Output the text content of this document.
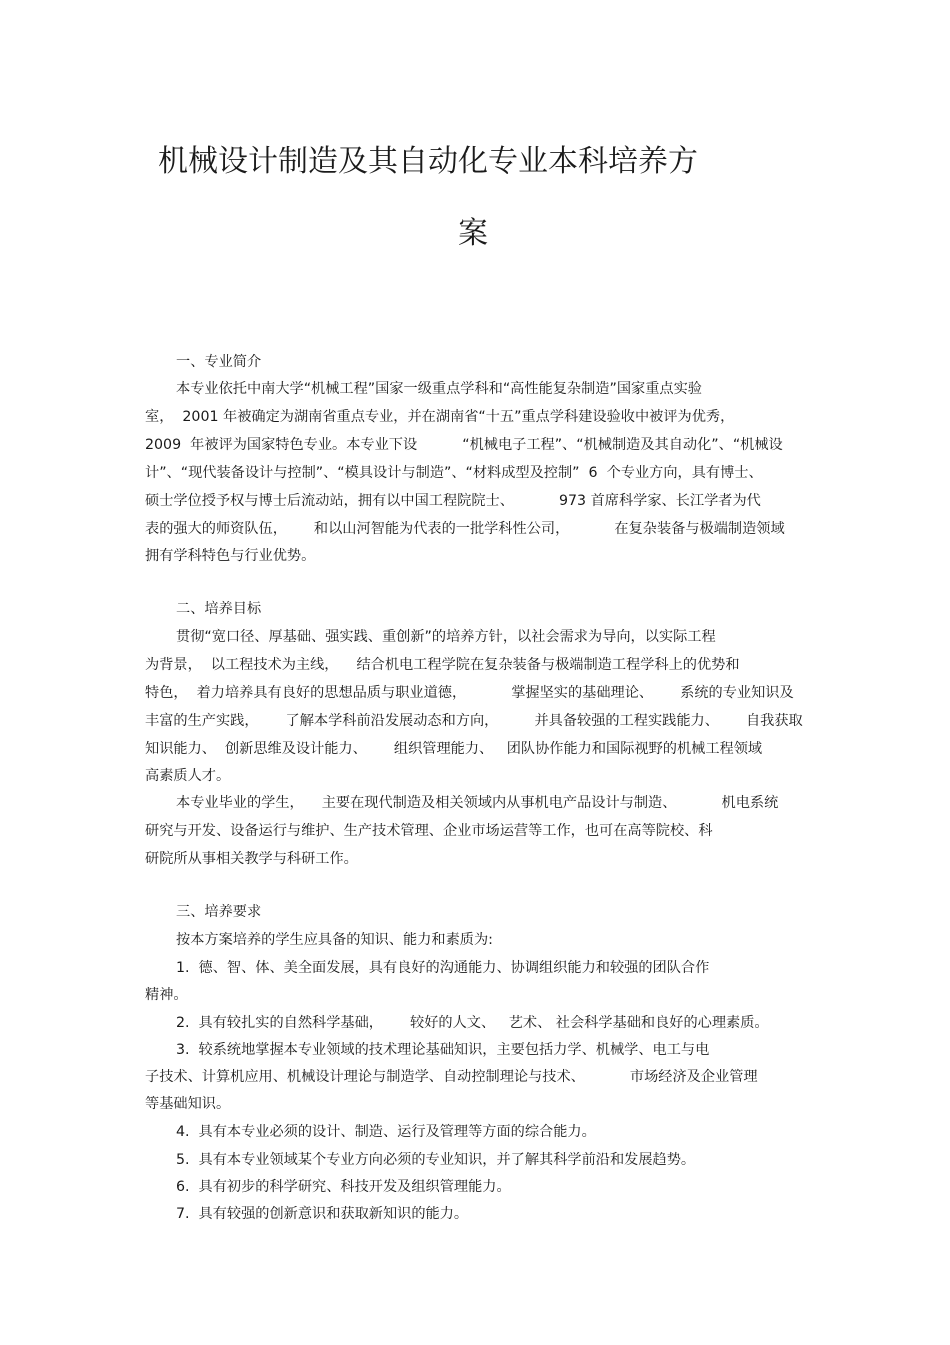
机械设计制造及其自动化专业本科培养方
案
一、专业简介
本专业依托中南大学“机械工程”国家一级重点学科和“高性能复杂制造”国家重点实验
室，  2001 年被确定为湖南省重点专业，并在湖南省“十五”重点学科建设验收中被评为优秀，
2009  年被评为国家特色专业。本专业下设          “机械电子工程”、“机械制造及其自动化”、“机械设
计”、“现代装备设计与控制”、“模具设计与制造”、“材料成型及控制”  6  个专业方向，具有博士、
硕士学位授予权与博士后流动站，拥有以中国工程院院士、          973 首席科学家、长江学者为代
表的强大的师资队伍，      和以山河智能为代表的一批学科性公司，          在复杂装备与极端制造领域
拥有学科特色与行业优势。
二、培养目标
贯彻“宽口径、厚基础、强实践、重创新”的培养方针，以社会需求为导向，以实际工程
为背景，  以工程技术为主线，    结合机电工程学院在复杂装备与极端制造工程学科上的优势和
特色，  着力培养具有良好的思想品质与职业道德，          掌握坚实的基础理论、      系统的专业知识及
丰富的生产实践，      了解本学科前沿发展动态和方向，        并具备较强的工程实践能力、      自我获取
知识能力、  创新思维及设计能力、      组织管理能力、   团队协作能力和国际视野的机械工程领域
高素质人才。
本专业毕业的学生，    主要在现代制造及相关领域内从事机电产品设计与制造、          机电系统
研究与开发、设备运行与维护、生产技术管理、企业市场运营等工作，也可在高等院校、科
研院所从事相关教学与科研工作。
三、培养要求
按本方案培养的学生应具备的知识、能力和素质为:
1.  德、智、体、美全面发展，具有良好的沟通能力、协调组织能力和较强的团队合作
精神。
2.  具有较扎实的自然科学基础，      较好的人文、   艺术、 社会科学基础和良好的心理素质。
3.  较系统地掌握本专业领域的技术理论基础知识，主要包括力学、机械学、电工与电
子技术、计算机应用、机械设计理论与制造学、自动控制理论与技术、          市场经济及企业管理
等基础知识。
4.  具有本专业必须的设计、制造、运行及管理等方面的综合能力。
5.  具有本专业领域某个专业方向必须的专业知识，并了解其科学前沿和发展趋势。
6.  具有初步的科学研究、科技开发及组织管理能力。
7.  具有较强的创新意识和获取新知识的能力。
